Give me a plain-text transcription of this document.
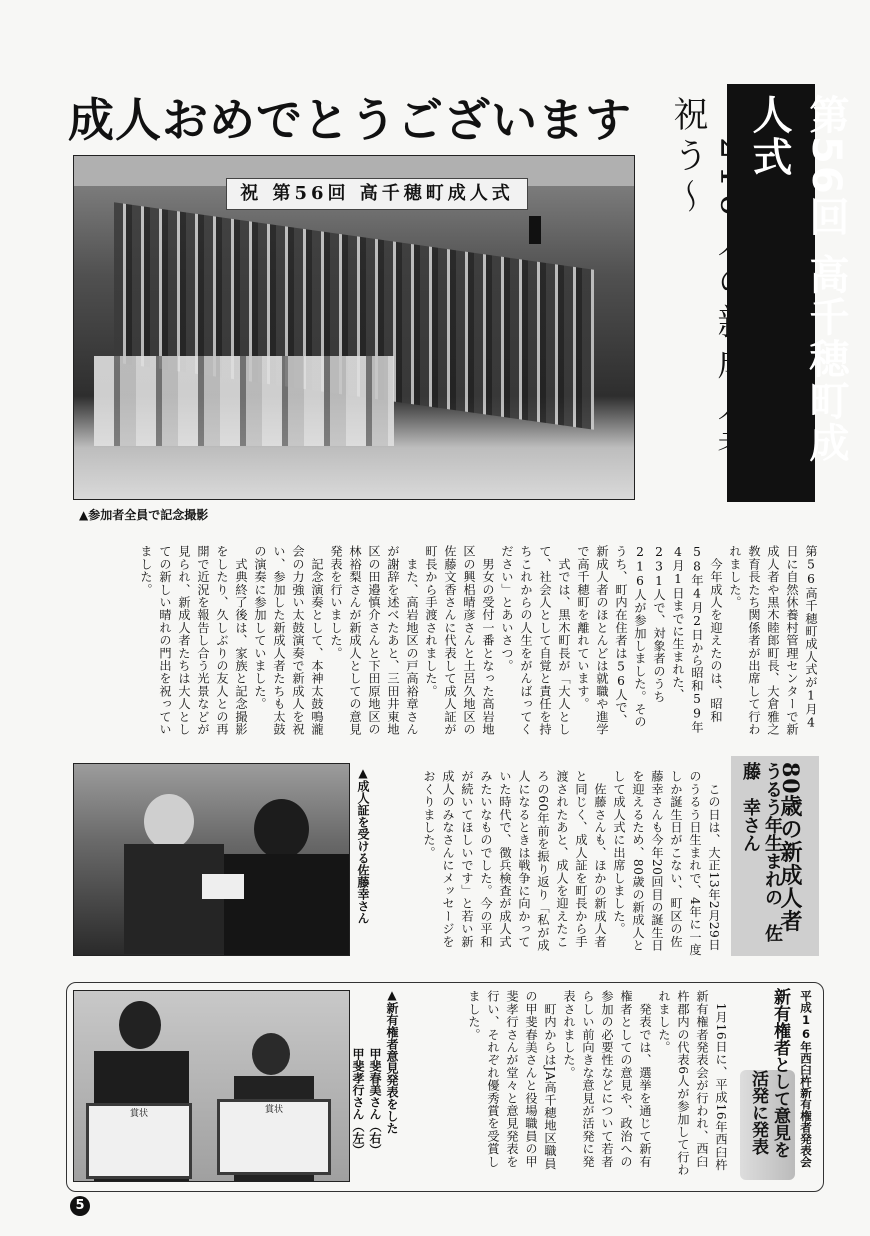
成人おめでとうございます 祝う～	第56回 高千穂町成人式
祝 第56回 高千穂町成人式
▲参加者全員で記念撮影
第56高千穂町成人式が1月4日に自然休養村管理センターで新成人者や黒木睦郎町長、大倉雅之教育長たち関係者が出席して行われました。
　今年成人を迎えたのは、昭和58年4月2日から昭和59年4月1日までに生まれた、231人で、対象者のうち216人が参加しました。そのうち、町内在住者は56人で、新成人者のほとんどは就職や進学で高千穂町を離れています。
　式では、黒木町長が「大人として、社会人として自覚と責任を持ちこれからの人生をがんばってください」とあいさつ。
　男女の受付一番となった高岩地区の興梠晴彦さんと土呂久地区の佐藤文香さんに代表して成人証が町長から手渡されました。
　また、高岩地区の戸高裕章さんが謝辞を述べたあと、三田井東地区の田邉慎介さんと下田原地区の林裕梨さんが新成人としての意見発表を行いました。
　記念演奏として、本神太鼓鳴瀧会の力強い太鼓演奏で新成人を祝い、参加した新成人者たちも太鼓の演奏に参加していました。
　式典終了後は、家族と記念撮影をしたり、久しぶりの友人との再開で近況を報告し合う光景などが見られ、新成人者たちは大人としての新しい晴れの門出を祝っていました。
▲成人証を受ける佐藤幸さん	80歳の新成人者
うるう年生まれの　佐藤　幸さん
　この日は、大正13年2月29日のうるう日生まれで、4年に一度しか誕生日がこない、町区の佐藤幸さんも今年20回目の誕生日を迎えるため、80歳の新成人として成人式に出席しました。
　佐藤さんも、ほかの新成人者と同じく、成人証を町長から手渡されたあと、成人を迎えたころの60年前を振り返り「私が成人になるときは戦争に向かっていた時代で、徴兵検査が成人式みたいなものでした。今の平和が続いてほしいです」と若い新成人のみなさんにメッセージをおくりました。
賞状	賞状	▲新有権者意見発表をした
甲斐春美さん（右）
甲斐孝行さん（左）	　1月16日に、平成16年西臼杵新有権者発表会が行われ、西臼杵郡内の代表6人が参加して行われました。
　発表では、選挙を通じて新有権者としての意見や、政治への参加の必要性などについて若者らしい前向きな意見が活発に発表されました。
　町内からはJA高千穂地区職員の甲斐春美さんと役場職員の甲斐孝行さんが堂々と意見発表を行い、それぞれ優秀賞を受賞しました。	平成16年西臼杵新有権者発表会
新有権者として意見を
活発に発表
5
